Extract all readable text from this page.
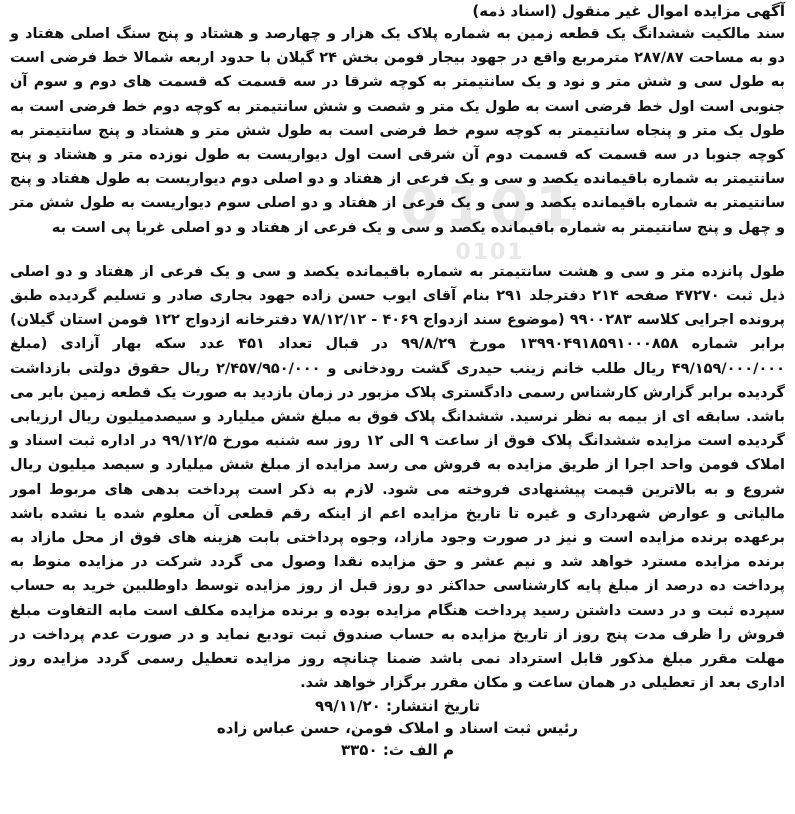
0101
0101

آگهی مزایده اموال غیر منقول (اسناد ذمه)

سند مالکیت ششدانگ یک قطعه زمین به شماره پلاک یک هزار و چهارصد و هشتاد و پنج سنگ اصلی هفتاد و دو به مساحت ۲۸۷/۸۷ مترمربع واقع در جهود بیجار فومن بخش ۲۴ گیلان با حدود اربعه شمالا خط فرضی است به طول سی و شش متر و نود و یک سانتیمتر به کوچه شرقا در سه قسمت که قسمت های دوم و سوم آن جنوبی است اول خط فرضی است به طول یک متر و شصت و شش سانتیمتر به کوچه دوم خط فرضی است به طول یک متر و پنجاه سانتیمتر به کوچه سوم خط فرضی است به طول شش متر و هشتاد و پنج سانتیمتر به کوچه جنوبا در سه قسمت که قسمت دوم آن شرقی است اول دیواریست به طول نوزده متر و هشتاد و پنج سانتیمتر به شماره باقیمانده یکصد و سی و یک فرعی از هفتاد و دو اصلی دوم دیواریست به طول هفتاد و پنج سانتیمتر به شماره باقیمانده یکصد و سی و یک فرعی از هفتاد و دو اصلی سوم دیواریست به طول شش متر و چهل و پنج سانتیمتر به شماره باقیمانده یکصد و سی و یک فرعی از هفتاد و دو اصلی غربا پی است به

طول پانزده متر و سی و هشت سانتیمتر به شماره باقیمانده یکصد و سی و یک فرعی از هفتاد و دو اصلی ذیل ثبت ۴۷۲۷۰ صفحه ۲۱۴ دفترجلد ۲۹۱ بنام آقای ایوب حسن زاده جهود بجاری صادر و تسلیم گردیده طبق پرونده اجرایی کلاسه ۹۹۰۰۲۸۳ (موضوع سند ازدواج ۴۰۶۹ - ۷۸/۱۲/۱۲ دفترخانه ازدواج ۱۲۲ فومن استان گیلان) برابر شماره ۱۳۹۹۰۴۹۱۸۵۹۱۰۰۰۸۵۸ مورخ ۹۹/۸/۲۹ در قبال تعداد ۴۵۱ عدد سکه بهار آزادی (مبلغ ۴۹/۱۵۹/۰۰۰/۰۰۰ ریال طلب خانم زینب حیدری گشت رودخانی و ۲/۴۵۷/۹۵۰/۰۰۰ ریال حقوق دولتی بازداشت گردیده برابر گزارش کارشناس رسمی دادگستری پلاک مزبور در زمان بازدید به صورت یک قطعه زمین بایر می باشد. سابقه ای از بیمه به نظر نرسید. ششدانگ پلاک فوق به مبلغ شش میلیارد و سیصدمیلیون ریال ارزیابی گردیده است مزایده ششدانگ پلاک فوق از ساعت ۹ الی ۱۲ روز سه شنبه مورخ ۹۹/۱۲/۵ در اداره ثبت اسناد و املاک فومن واحد اجرا از طریق مزایده به فروش می رسد مزایده از مبلغ شش میلیارد و سیصد میلیون ریال شروع و به بالاترین قیمت پیشنهادی فروخته می شود. لازم به ذکر است پرداخت بدهی های مربوط امور مالیاتی و عوارض شهرداری و غیره تا تاریخ مزایده اعم از اینکه رقم قطعی آن معلوم شده یا نشده باشد برعهده برنده مزایده است و نیز در صورت وجود مازاد، وجوه پرداختی بابت هزینه های فوق از محل مازاد به برنده مزایده مسترد خواهد شد و نیم عشر و حق مزایده نقدا وصول می گردد شرکت در مزایده منوط به پرداخت ده درصد از مبلغ پایه کارشناسی حداکثر دو روز قبل از روز مزایده توسط داوطلبین خرید به حساب سپرده ثبت و در دست داشتن رسید پرداخت هنگام مزایده بوده و برنده مزایده مکلف است مابه التفاوت مبلغ فروش را ظرف مدت پنج روز از تاریخ مزایده به حساب صندوق ثبت تودیع نماید و در صورت عدم پرداخت در مهلت مقرر مبلغ مذکور قابل استرداد نمی باشد ضمنا چنانچه روز مزایده تعطیل رسمی گردد مزایده روز اداری بعد از تعطیلی در همان ساعت و مکان مقرر برگزار خواهد شد.

تاریخ انتشار: ۹۹/۱۱/۲۰

رئیس ثبت اسناد و املاک فومن، حسن عباس زاده

م الف ث: ۳۳۵۰
